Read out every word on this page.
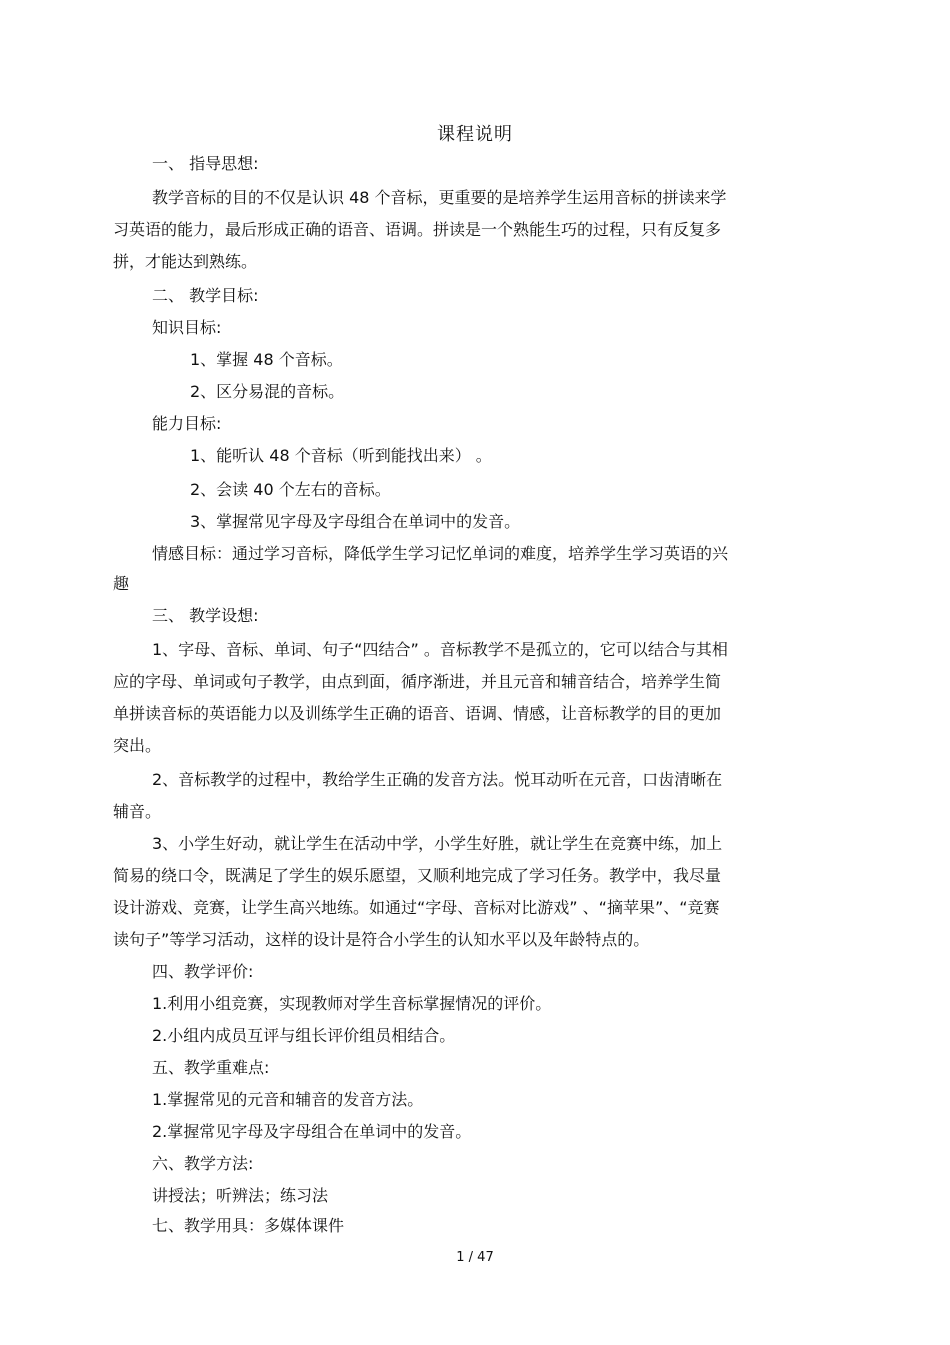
课程说明
一、 指导思想:
教学音标的目的不仅是认识 48 个音标，更重要的是培养学生运用音标的拼读来学
习英语的能力，最后形成正确的语音、语调。拼读是一个熟能生巧的过程，只有反复多
拼，才能达到熟练。
二、 教学目标:
知识目标:
1、掌握 48 个音标。
2、区分易混的音标。
能力目标:
1、能听认 48 个音标（听到能找出来） 。
2、会读 40 个左右的音标。
3、掌握常见字母及字母组合在单词中的发音。
情感目标：通过学习音标，降低学生学习记忆单词的难度，培养学生学习英语的兴
趣
三、 教学设想:
1、字母、音标、单词、句子“四结合” 。音标教学不是孤立的，它可以结合与其相
应的字母、单词或句子教学，由点到面，循序渐进，并且元音和辅音结合，培养学生简
单拼读音标的英语能力以及训练学生正确的语音、语调、情感，让音标教学的目的更加
突出。
2、音标教学的过程中，教给学生正确的发音方法。悦耳动听在元音，口齿清晰在
辅音。
3、小学生好动，就让学生在活动中学，小学生好胜，就让学生在竞赛中练，加上
简易的绕口令，既满足了学生的娱乐愿望，又顺利地完成了学习任务。教学中，我尽量
设计游戏、竞赛，让学生高兴地练。如通过“字母、音标对比游戏” 、“摘苹果”、“竞赛
读句子”等学习活动，这样的设计是符合小学生的认知水平以及年龄特点的。
四、教学评价:
1.利用小组竞赛，实现教师对学生音标掌握情况的评价。
2.小组内成员互评与组长评价组员相结合。
五、教学重难点:
1.掌握常见的元音和辅音的发音方法。
2.掌握常见字母及字母组合在单词中的发音。
六、教学方法:
讲授法；听辨法；练习法
七、教学用具：多媒体课件
1 / 47
